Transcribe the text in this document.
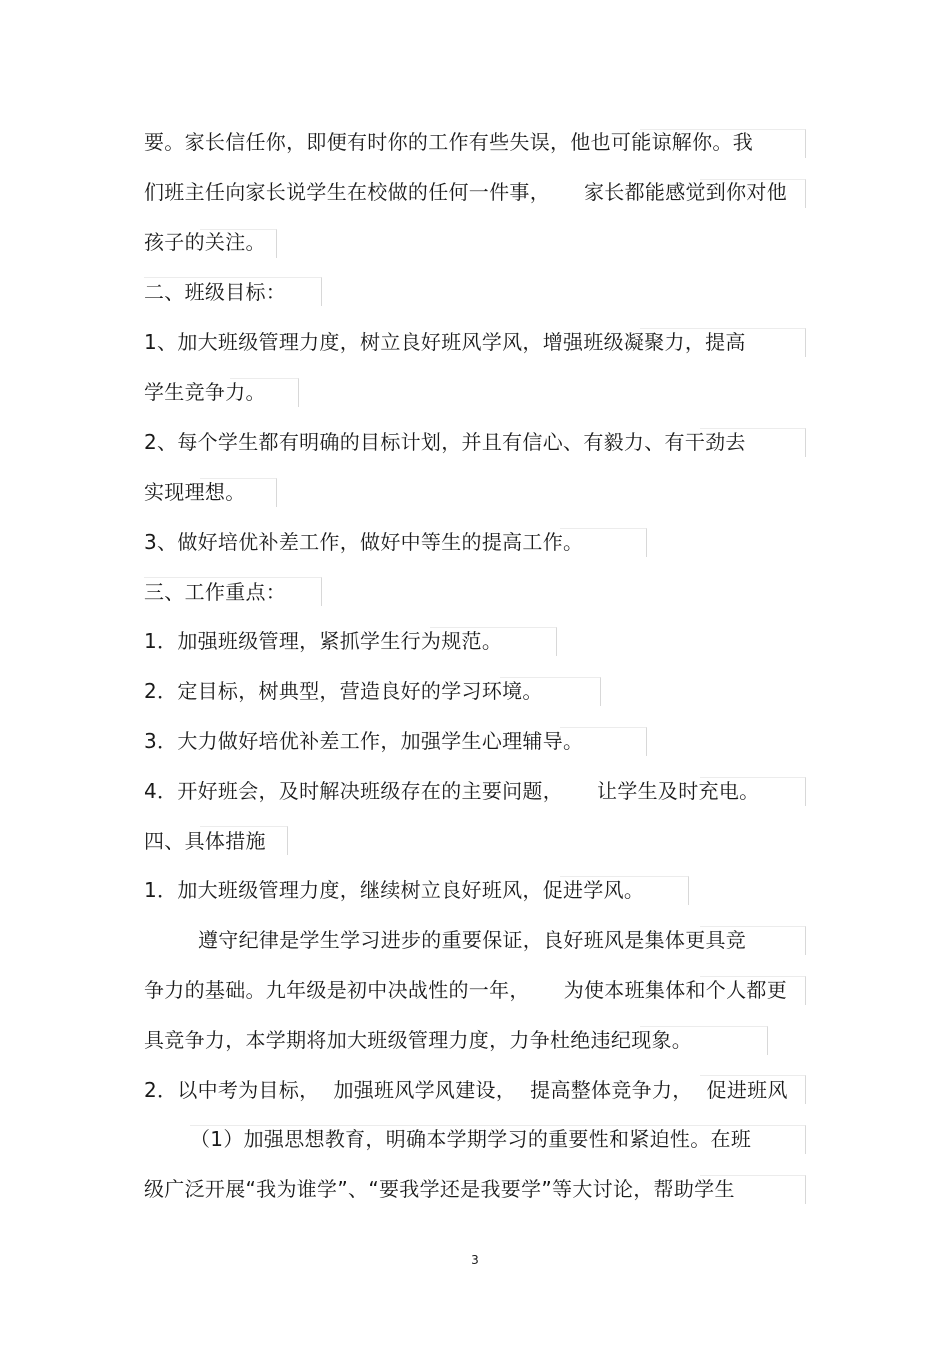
要。家长信任你，即便有时你的工作有些失误，他也可能谅解你。我
们班主任向家长说学生在校做的任何一件事， 家长都能感觉到你对他
孩子的关注。
二、班级目标：
1、加大班级管理力度，树立良好班风学风，增强班级凝聚力，提高
学生竞争力。
2、每个学生都有明确的目标计划，并且有信心、有毅力、有干劲去
实现理想。
3、做好培优补差工作，做好中等生的提高工作。
三、工作重点：
1．加强班级管理，紧抓学生行为规范。
2．定目标，树典型，营造良好的学习环境。
3．大力做好培优补差工作，加强学生心理辅导。
4．开好班会，及时解决班级存在的主要问题， 让学生及时充电。
四、具体措施
1．加大班级管理力度，继续树立良好班风，促进学风。
遵守纪律是学生学习进步的重要保证，良好班风是集体更具竞
争力的基础。九年级是初中决战性的一年， 为使本班集体和个人都更
具竞争力，本学期将加大班级管理力度，力争杜绝违纪现象。
2．以中考为目标， 加强班风学风建设， 提高整体竞争力， 促进班风
（1）加强思想教育，明确本学期学习的重要性和紧迫性。在班
级广泛开展“我为谁学”、“要我学还是我要学”等大讨论，帮助学生
3
